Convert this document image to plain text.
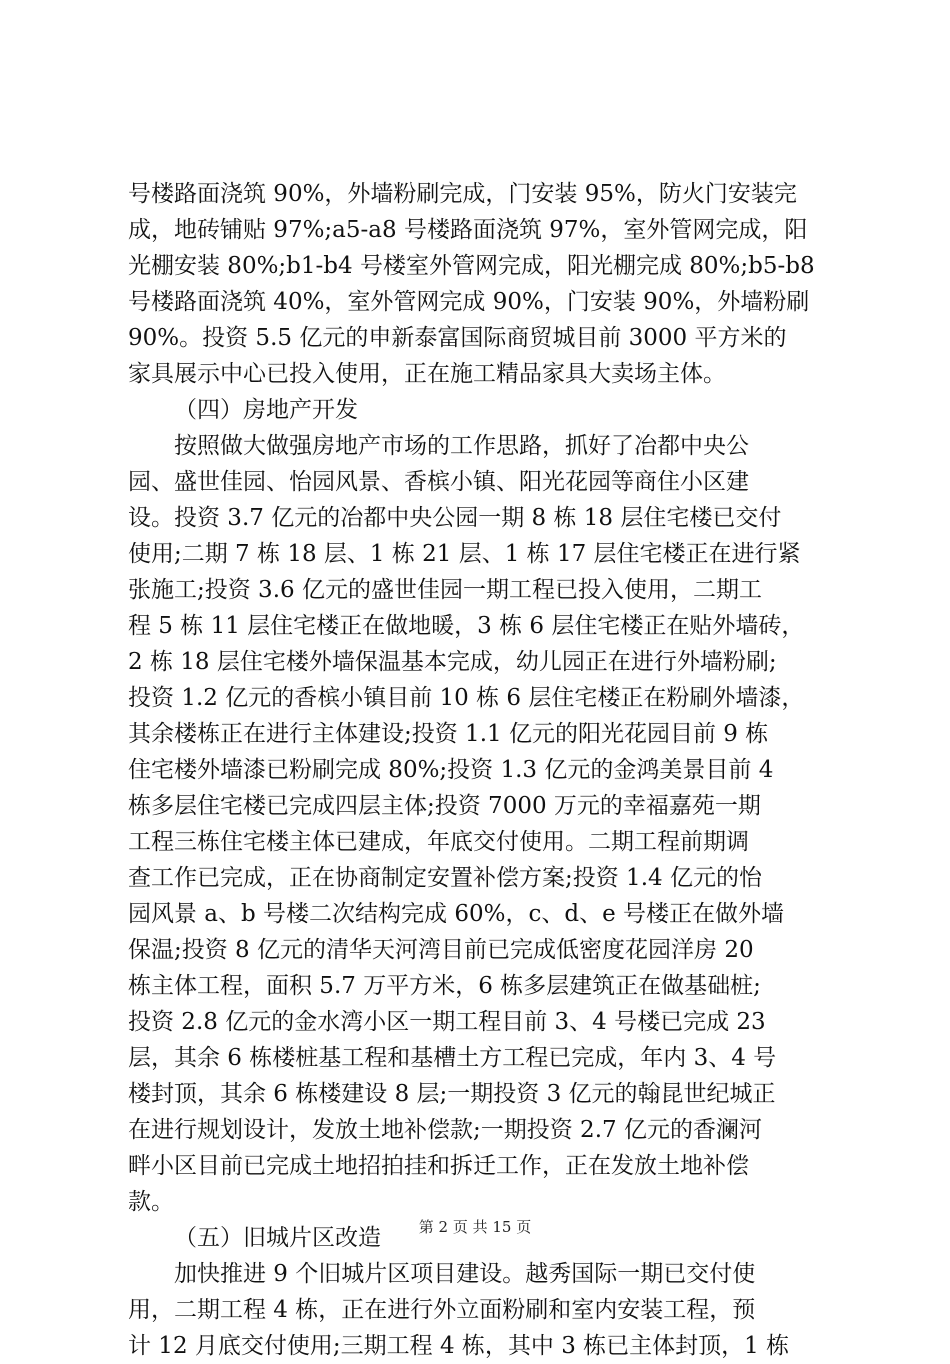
号楼路面浇筑 90%，外墙粉刷完成，门安装 95%，防火门安装完
成，地砖铺贴 97%;a5-a8 号楼路面浇筑 97%，室外管网完成，阳
光棚安装 80%;b1-b4 号楼室外管网完成，阳光棚完成 80%;b5-b8
号楼路面浇筑 40%，室外管网完成 90%，门安装 90%，外墙粉刷
90%。投资 5.5 亿元的申新泰富国际商贸城目前 3000 平方米的
家具展示中心已投入使用，正在施工精品家具大卖场主体。
（四）房地产开发
按照做大做强房地产市场的工作思路，抓好了冶都中央公
园、盛世佳园、怡园风景、香槟小镇、阳光花园等商住小区建
设。投资 3.7 亿元的冶都中央公园一期 8 栋 18 层住宅楼已交付
使用;二期 7 栋 18 层、1 栋 21 层、1 栋 17 层住宅楼正在进行紧
张施工;投资 3.6 亿元的盛世佳园一期工程已投入使用，二期工
程 5 栋 11 层住宅楼正在做地暖，3 栋 6 层住宅楼正在贴外墙砖，
2 栋 18 层住宅楼外墙保温基本完成，幼儿园正在进行外墙粉刷;
投资 1.2 亿元的香槟小镇目前 10 栋 6 层住宅楼正在粉刷外墙漆，
其余楼栋正在进行主体建设;投资 1.1 亿元的阳光花园目前 9 栋
住宅楼外墙漆已粉刷完成 80%;投资 1.3 亿元的金鸿美景目前 4
栋多层住宅楼已完成四层主体;投资 7000 万元的幸福嘉苑一期
工程三栋住宅楼主体已建成，年底交付使用。二期工程前期调
查工作已完成，正在协商制定安置补偿方案;投资 1.4 亿元的怡
园风景 a、b 号楼二次结构完成 60%，c、d、e 号楼正在做外墙
保温;投资 8 亿元的清华天河湾目前已完成低密度花园洋房 20
栋主体工程，面积 5.7 万平方米，6 栋多层建筑正在做基础桩;
投资 2.8 亿元的金水湾小区一期工程目前 3、4 号楼已完成 23
层，其余 6 栋楼桩基工程和基槽土方工程已完成，年内 3、4 号
楼封顶，其余 6 栋楼建设 8 层;一期投资 3 亿元的翰昆世纪城正
在进行规划设计，发放土地补偿款;一期投资 2.7 亿元的香澜河
畔小区目前已完成土地招拍挂和拆迁工作，正在发放土地补偿
款。
（五）旧城片区改造
加快推进 9 个旧城片区项目建设。越秀国际一期已交付使
用，二期工程 4 栋，正在进行外立面粉刷和室内安装工程，预
计 12 月底交付使用;三期工程 4 栋，其中 3 栋已主体封顶，1 栋
第 2 页 共 15 页
